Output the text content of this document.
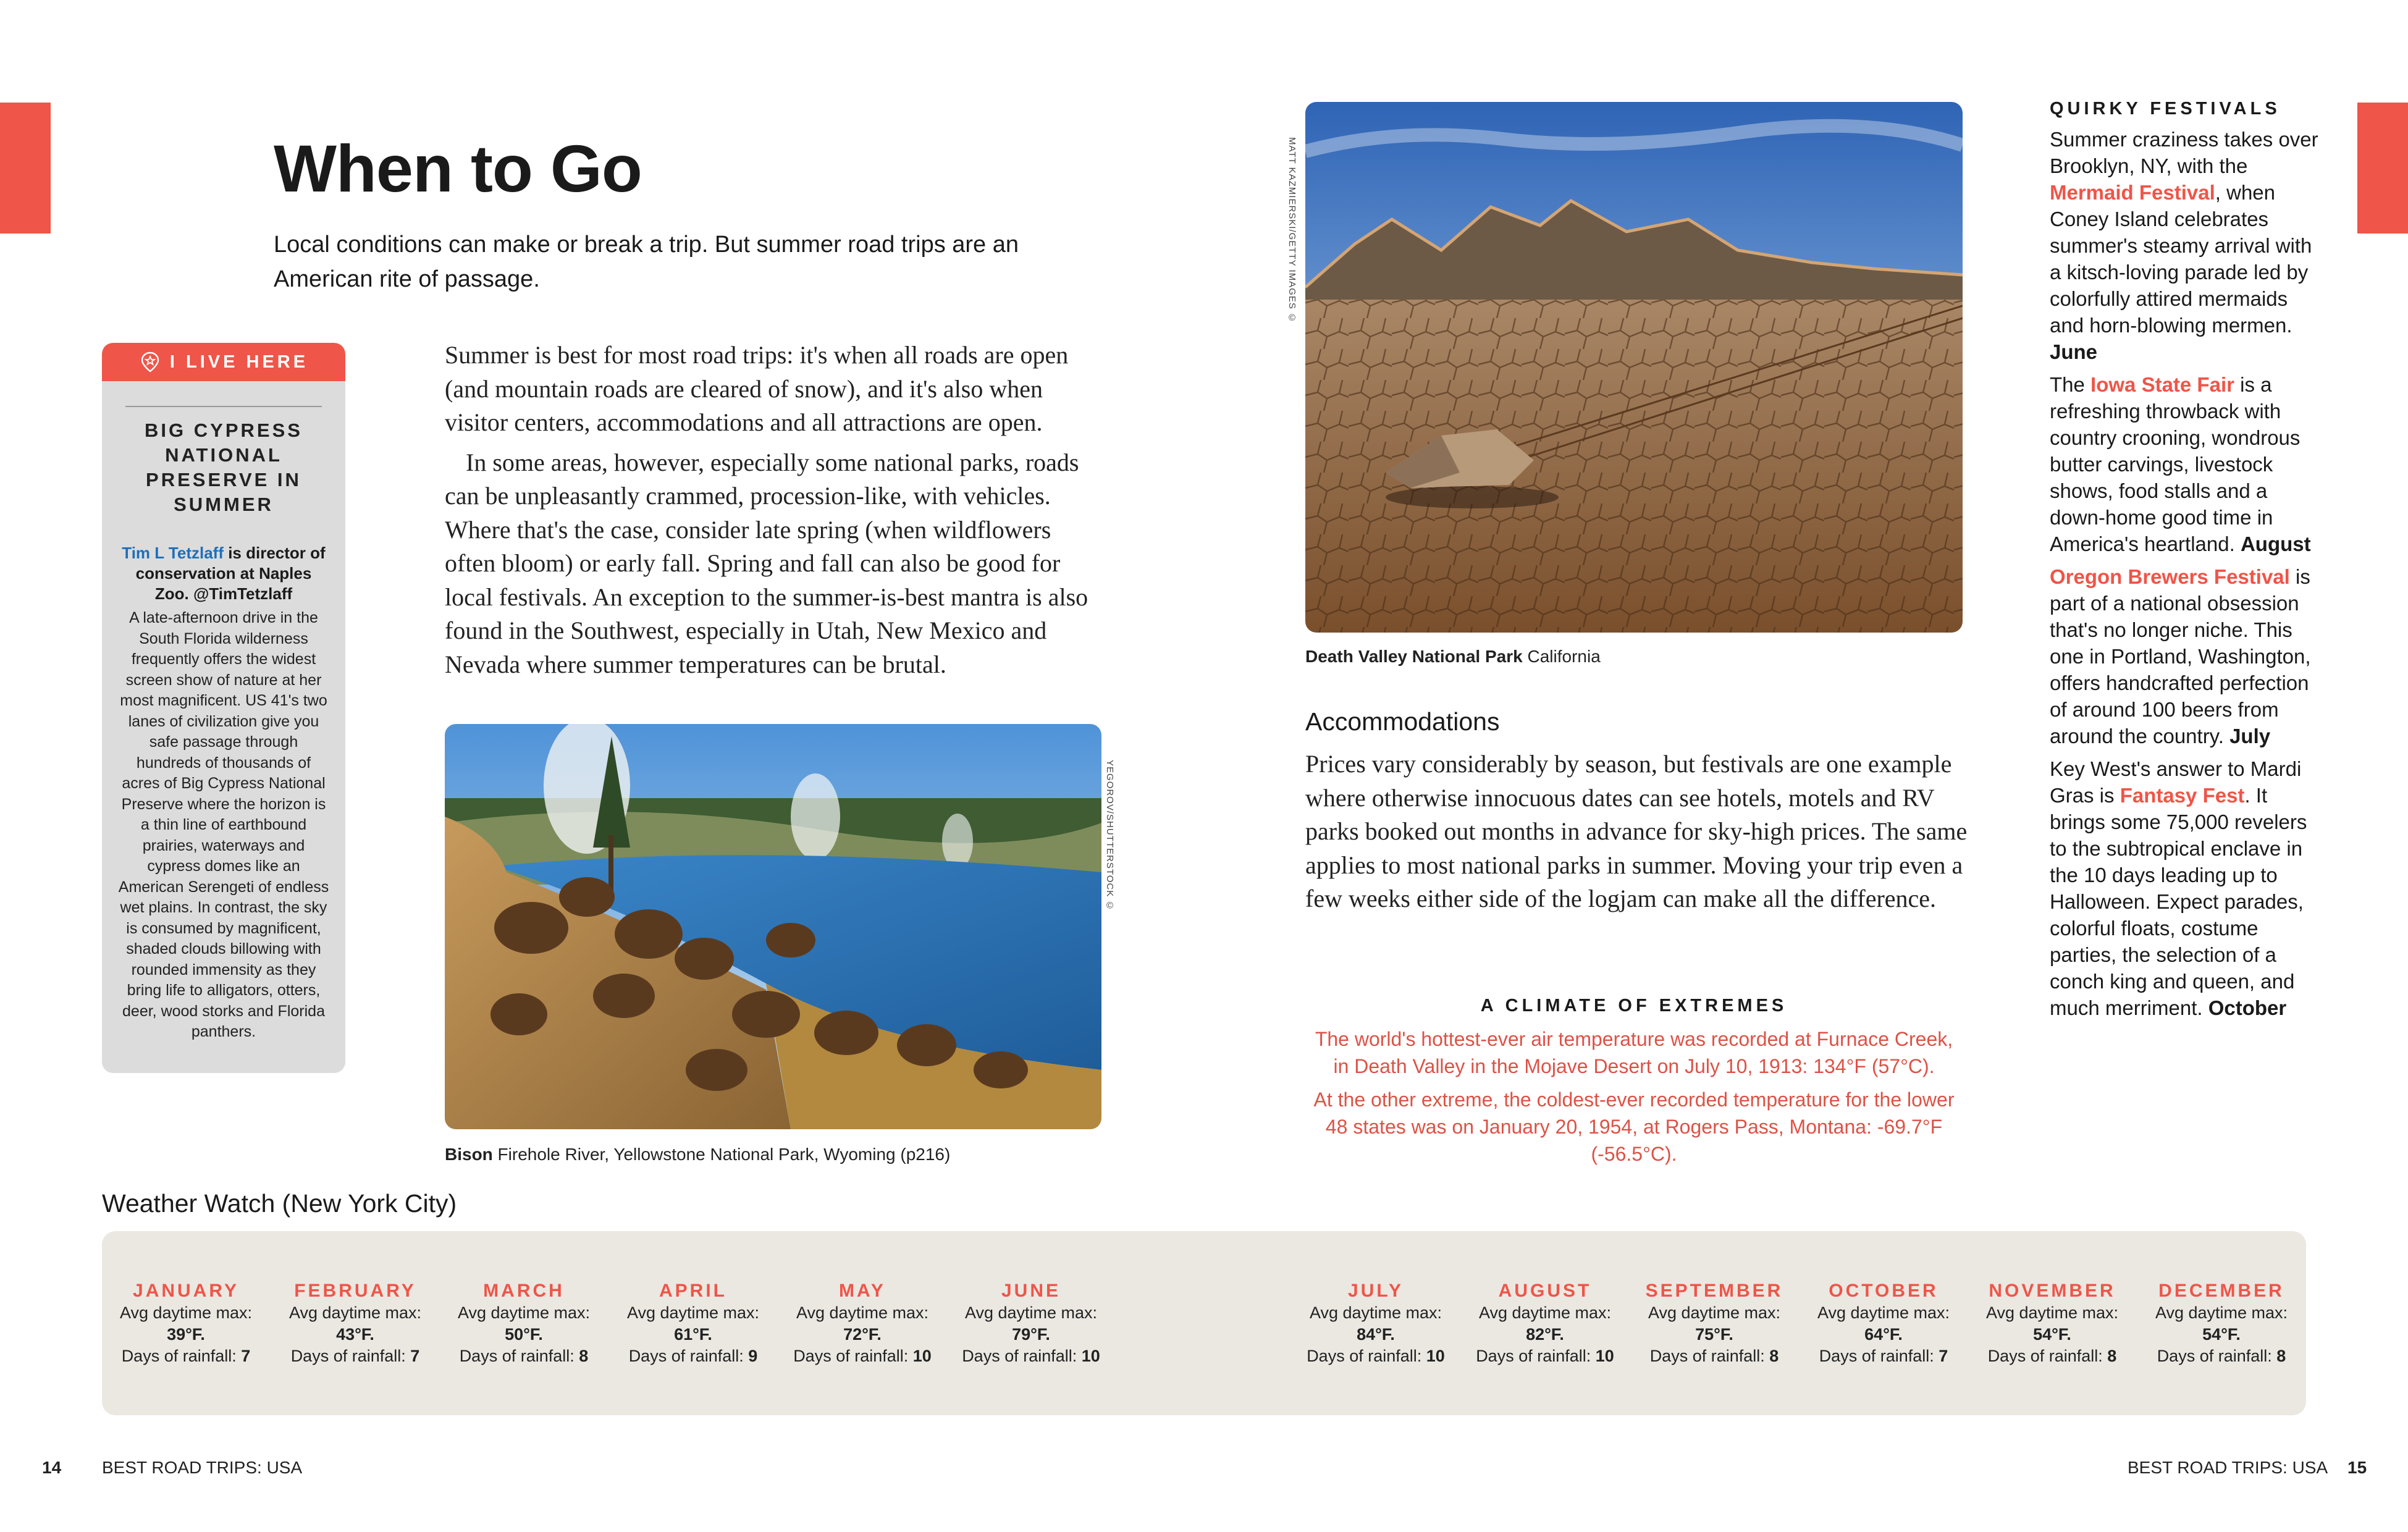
When to Go
Local conditions can make or break a trip. But summer road trips are an American rite of passage.
I LIVE HERE
BIG CYPRESS NATIONAL PRESERVE IN SUMMER
Tim L Tetzlaff is director of conservation at Naples Zoo. @TimTetzlaff
A late-afternoon drive in the South Florida wilderness frequently offers the widest screen show of nature at her most magnificent. US 41's two lanes of civilization give you safe passage through hundreds of thousands of acres of Big Cypress National Preserve where the horizon is a thin line of earthbound prairies, waterways and cypress domes like an American Serengeti of endless wet plains. In contrast, the sky is consumed by magnificent, shaded clouds billowing with rounded immensity as they bring life to alligators, otters, deer, wood storks and Florida panthers.

Summer is best for most road trips: it's when all roads are open (and mountain roads are cleared of snow), and it's also when visitor centers, accommodations and all attractions are open.

In some areas, however, especially some national parks, roads can be unpleasantly crammed, procession-like, with vehicles. Where that's the case, consider late spring (when wildflowers often bloom) or early fall. Spring and fall can also be good for local festivals. An exception to the summer-is-best mantra is also found in the Southwest, especially in Utah, New Mexico and Nevada where summer temperatures can be brutal.

YEGOROV/SHUTTERSTOCK ©
Bison Firehole River, Yellowstone National Park, Wyoming (p216)
MATT KAZMIERSKI/GETTY IMAGES ©
Death Valley National Park California
Accommodations
Prices vary considerably by season, but festivals are one example where otherwise innocuous dates can see hotels, motels and RV parks booked out months in advance for sky-high prices. The same applies to most national parks in summer. Moving your trip even a few weeks either side of the logjam can make all the difference.
A CLIMATE OF EXTREMES

The world's hottest-ever air temperature was recorded at Furnace Creek, in Death Valley in the Mojave Desert on July 10, 1913: 134°F (57°C).

At the other extreme, the coldest-ever recorded temperature for the lower 48 states was on January 20, 1954, at Rogers Pass, Montana: -69.7°F (-56.5°C).

QUIRKY FESTIVALS

Summer craziness takes over Brooklyn, NY, with the Mermaid Festival, when Coney Island celebrates summer's steamy arrival with a kitsch-loving parade led by colorfully attired mermaids and horn-blowing mermen. June

The Iowa State Fair is a refreshing throwback with country crooning, wondrous butter carvings, livestock shows, food stalls and a down-home good time in America's heartland. August

Oregon Brewers Festival is part of a national obsession that's no longer niche. This one in Portland, Washington, offers handcrafted perfection of around 100 beers from around the country. July

Key West's answer to Mardi Gras is Fantasy Fest. It brings some 75,000 revelers to the subtropical enclave in the 10 days leading up to Halloween. Expect parades, colorful floats, costume parties, the selection of a conch king and queen, and much merriment. October

Weather Watch (New York City)
JANUARY
Avg daytime max:
39°F.
Days of rainfall: 7
FEBRUARY
Avg daytime max:
43°F.
Days of rainfall: 7
MARCH
Avg daytime max:
50°F.
Days of rainfall: 8
APRIL
Avg daytime max:
61°F.
Days of rainfall: 9
MAY
Avg daytime max:
72°F.
Days of rainfall: 10
JUNE
Avg daytime max:
79°F.
Days of rainfall: 10
JULY
Avg daytime max:
84°F.
Days of rainfall: 10
AUGUST
Avg daytime max:
82°F.
Days of rainfall: 10
SEPTEMBER
Avg daytime max:
75°F.
Days of rainfall: 8
OCTOBER
Avg daytime max:
64°F.
Days of rainfall: 7
NOVEMBER
Avg daytime max:
54°F.
Days of rainfall: 8
DECEMBER
Avg daytime max:
54°F.
Days of rainfall: 8
14 BEST ROAD TRIPS: USA	BEST ROAD TRIPS: USA 15
